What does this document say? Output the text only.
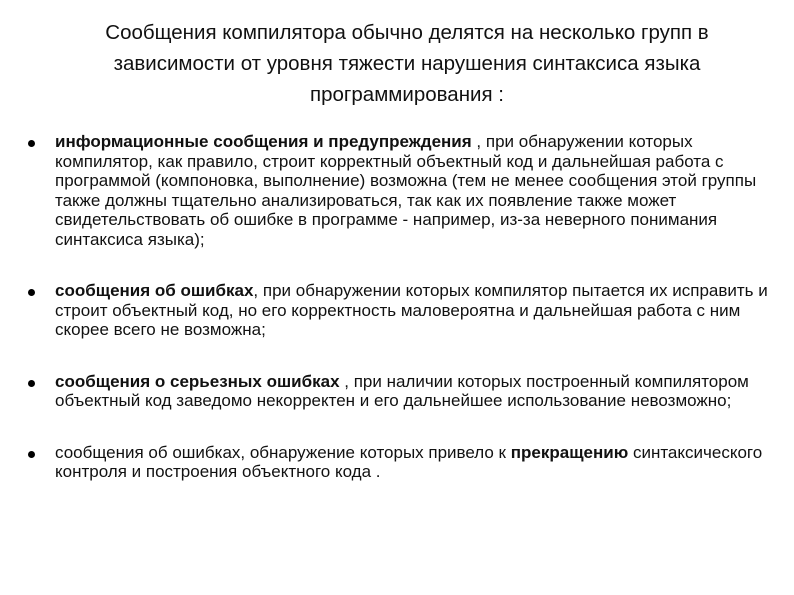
Сообщения компилятора обычно делятся на несколько групп в
зависимости от уровня тяжести нарушения синтаксиса языка
программирования :
информационные сообщения и предупреждения , при обнаружении которых компилятор, как правило, строит корректный объектный код и дальнейшая работа с программой (компоновка, выполнение) возможна (тем не менее сообщения этой группы также должны тщательно анализироваться, так как их появление также может свидетельствовать об ошибке в программе - например, из-за неверного понимания синтаксиса языка);
сообщения об ошибках, при обнаружении которых компилятор пытается их исправить и строит объектный код, но его корректность маловероятна и дальнейшая работа с ним скорее всего не возможна;
сообщения о серьезных ошибках , при наличии которых построенный компилятором объектный код заведомо некорректен и его дальнейшее использование невозможно;
сообщения об ошибках, обнаружение которых привело к прекращению синтаксического контроля и построения объектного кода .
